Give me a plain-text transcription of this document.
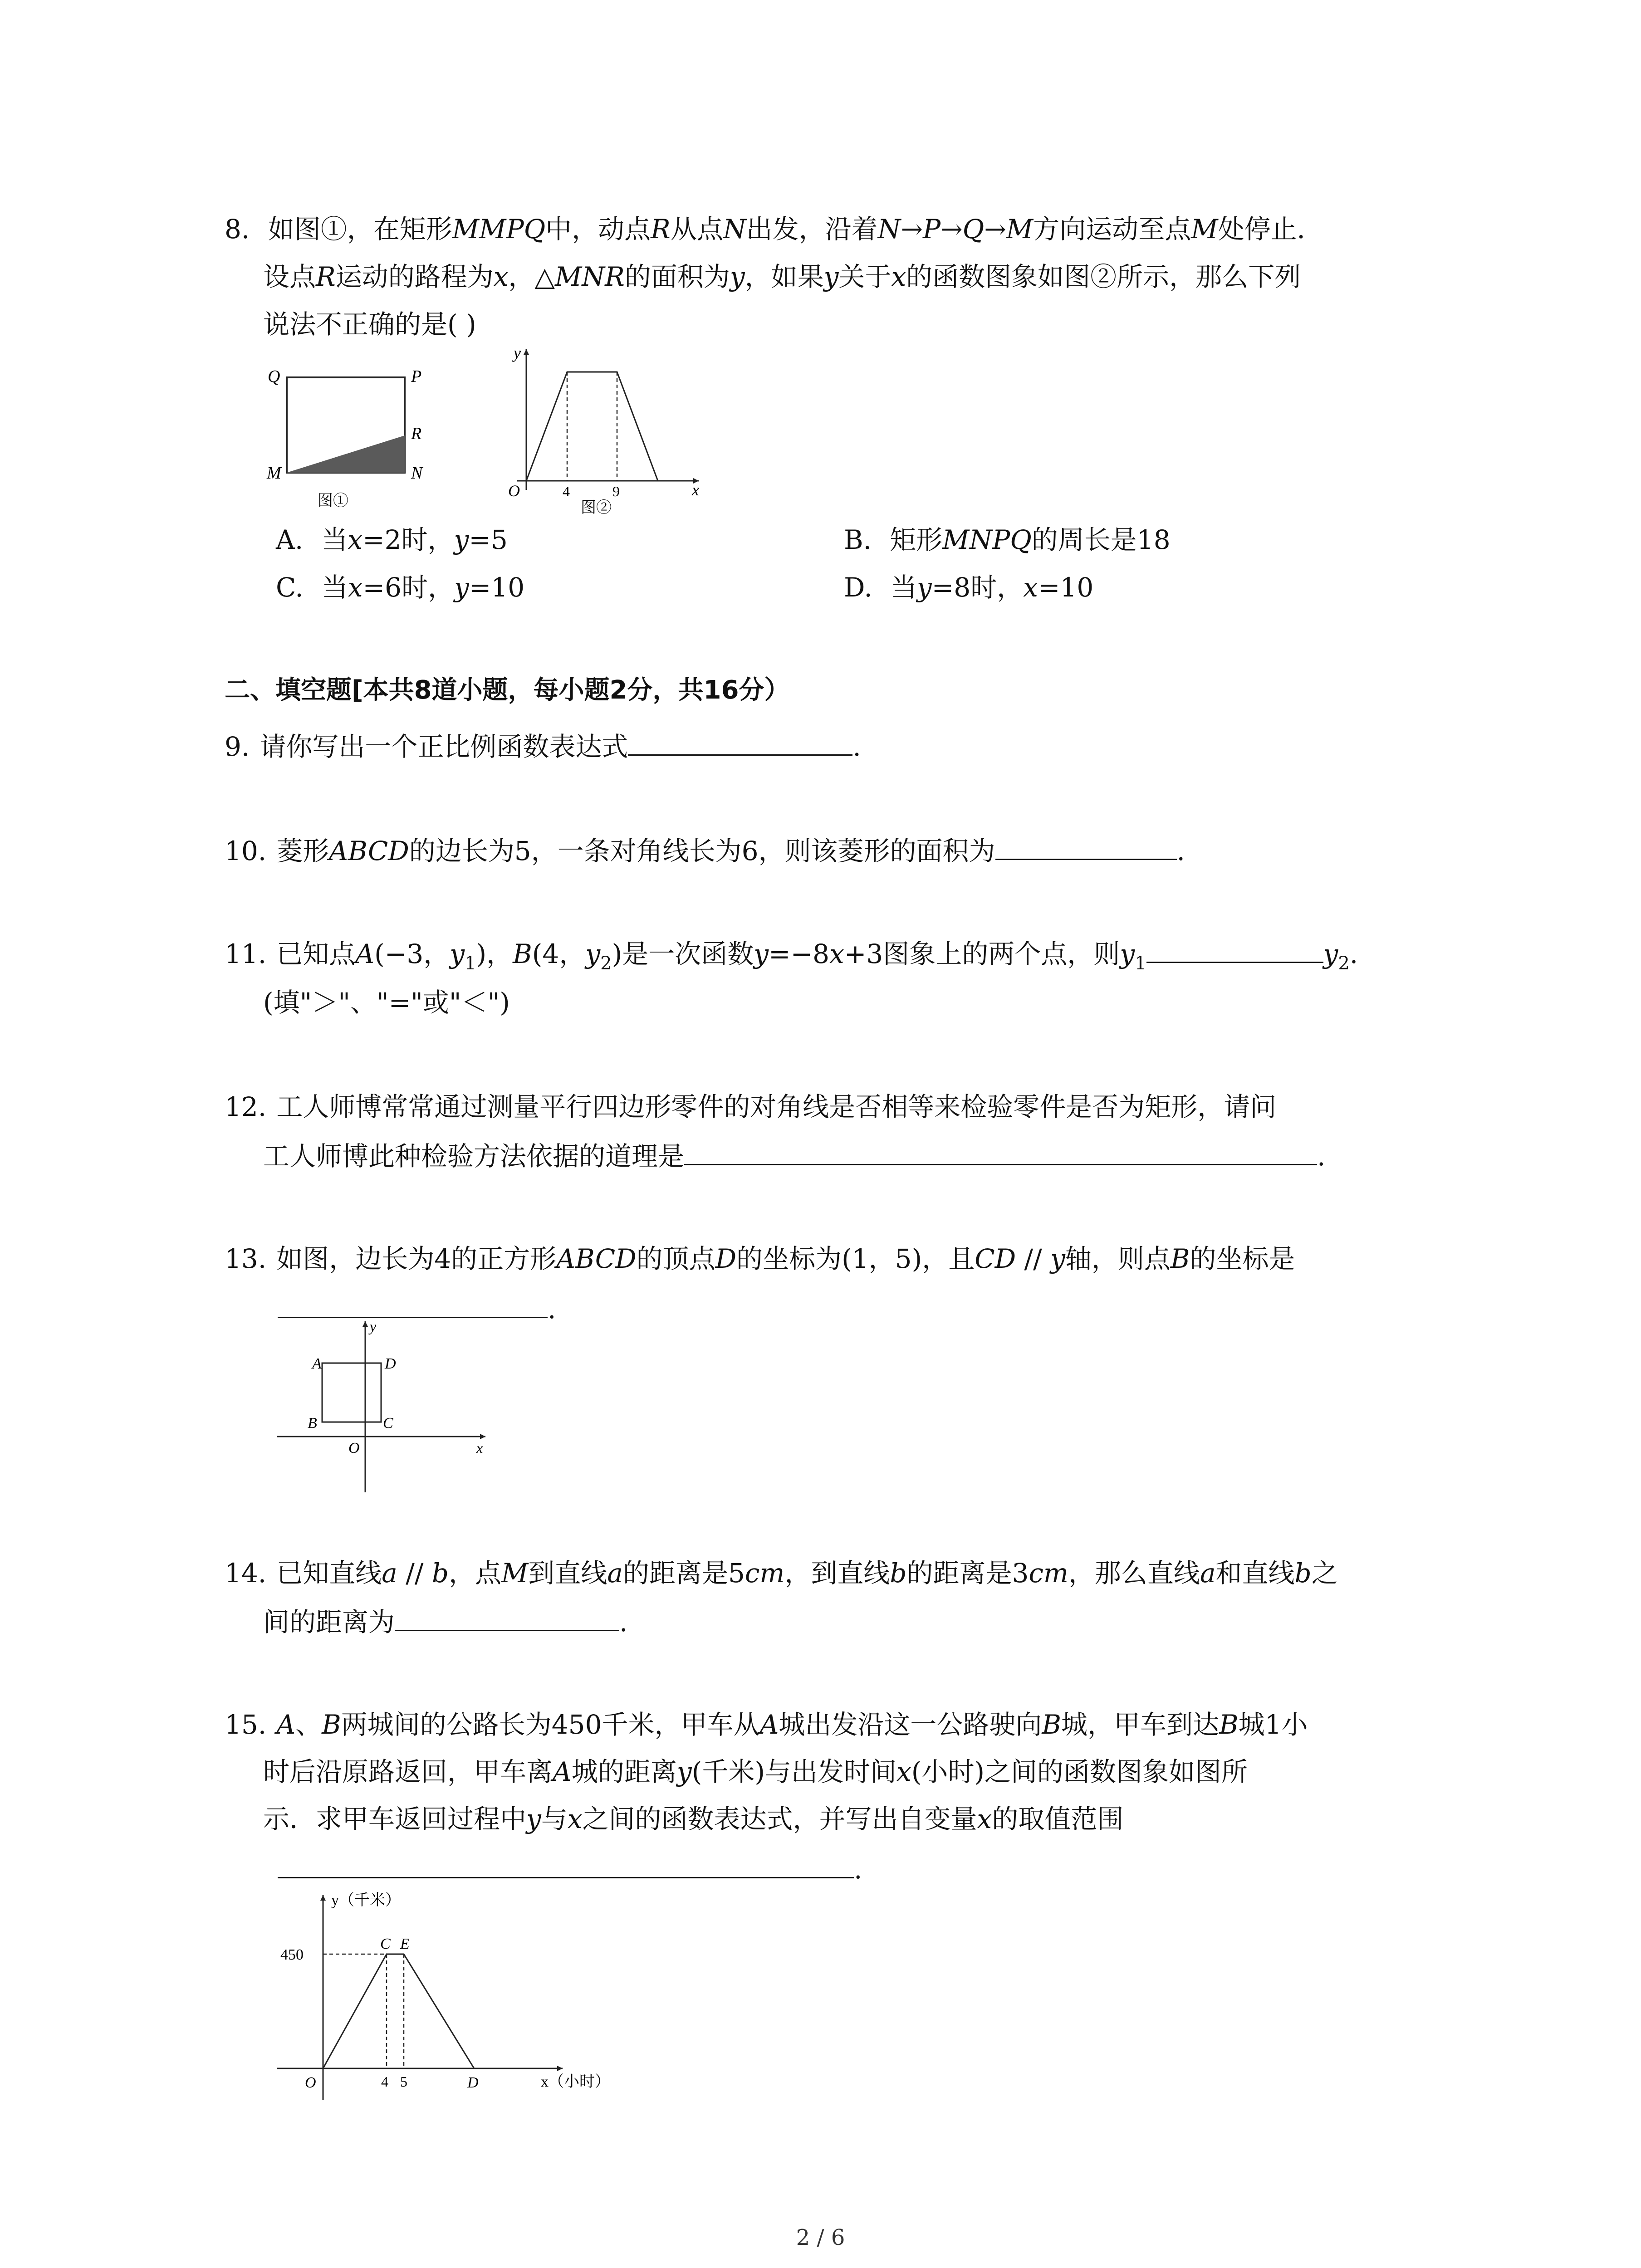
8. 如图①，在矩形MMPQ中，动点R从点N出发，沿着N→P→Q→M方向运动至点M处停止．
设点R运动的路程为x，△MNR的面积为y，如果y关于x的函数图象如图②所示，那么下列
说法不正确的是( )
Q	P
R
M	N
图①
y
x
O	4	9
图②
A. 当x=2时，y=5	B. 矩形MNPQ的周长是18
C. 当x=6时，y=10	D. 当y=8时，x=10
二、填空题[本共8道小题，每小题2分，共16分）
9. 请你写出一个正比例函数表达式	.
10. 菱形ABCD的边长为5，一条对角线长为6，则该菱形的面积为	.
11. 已知点A(−3，$y_1$)，B(4，$y_2$)是一次函数y=−8x+3图象上的两个点，则$y_1$	$y_2$.
(填"＞"、"="或"＜")
12. 工人师博常常通过测量平行四边形零件的对角线是否相等来检验零件是否为矩形，请问
工人师博此种检验方法依据的道理是	.
13. 如图，边长为4的正方形ABCD的顶点D的坐标为(1，5)，且CD // y轴，则点B的坐标是
.
A	D
B	C
O	x
y
14. 已知直线a // b，点M到直线a的距离是5cm，到直线b的距离是3cm，那么直线a和直线b之
间的距离为	.
15. A、B两城间的公路长为450千米，甲车从A城出发沿这一公路驶向B城，甲车到达B城1小
时后沿原路返回，甲车离A城的距离y(千米)与出发时间x(小时)之间的函数图象如图所
示．求甲车返回过程中y与x之间的函数表达式，并写出自变量x的取值范围
.
y（千米）
450
C E
O	4 5	D	x（小时）
2 / 6
